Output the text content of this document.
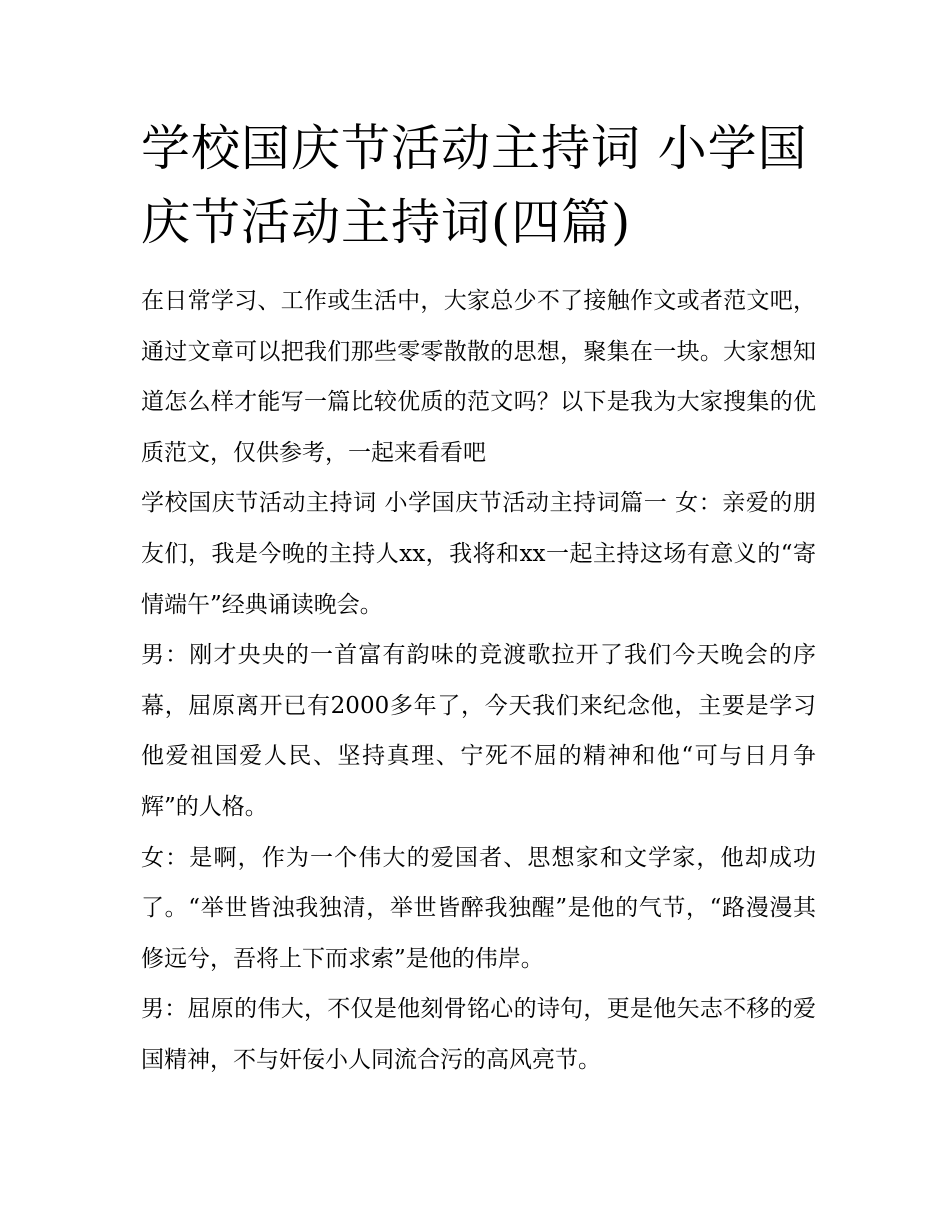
学校国庆节活动主持词 小学国庆节活动主持词(四篇)

在日常学习、工作或生活中，大家总少不了接触作文或者范文吧，通过文章可以把我们那些零零散散的思想，聚集在一块。大家想知道怎么样才能写一篇比较优质的范文吗？以下是我为大家搜集的优质范文，仅供参考，一起来看看吧

学校国庆节活动主持词 小学国庆节活动主持词篇一 女：亲爱的朋友们，我是今晚的主持人xx，我将和xx一起主持这场有意义的“寄情端午”经典诵读晚会。

男：刚才央央的一首富有韵味的竞渡歌拉开了我们今天晚会的序幕，屈原离开已有2000多年了，今天我们来纪念他，主要是学习他爱祖国爱人民、坚持真理、宁死不屈的精神和他“可与日月争辉”的人格。

女：是啊，作为一个伟大的爱国者、思想家和文学家，他却成功了。“举世皆浊我独清，举世皆醉我独醒”是他的气节，“路漫漫其修远兮，吾将上下而求索”是他的伟岸。

男：屈原的伟大，不仅是他刻骨铭心的诗句，更是他矢志不移的爱国精神，不与奸佞小人同流合污的高风亮节。
